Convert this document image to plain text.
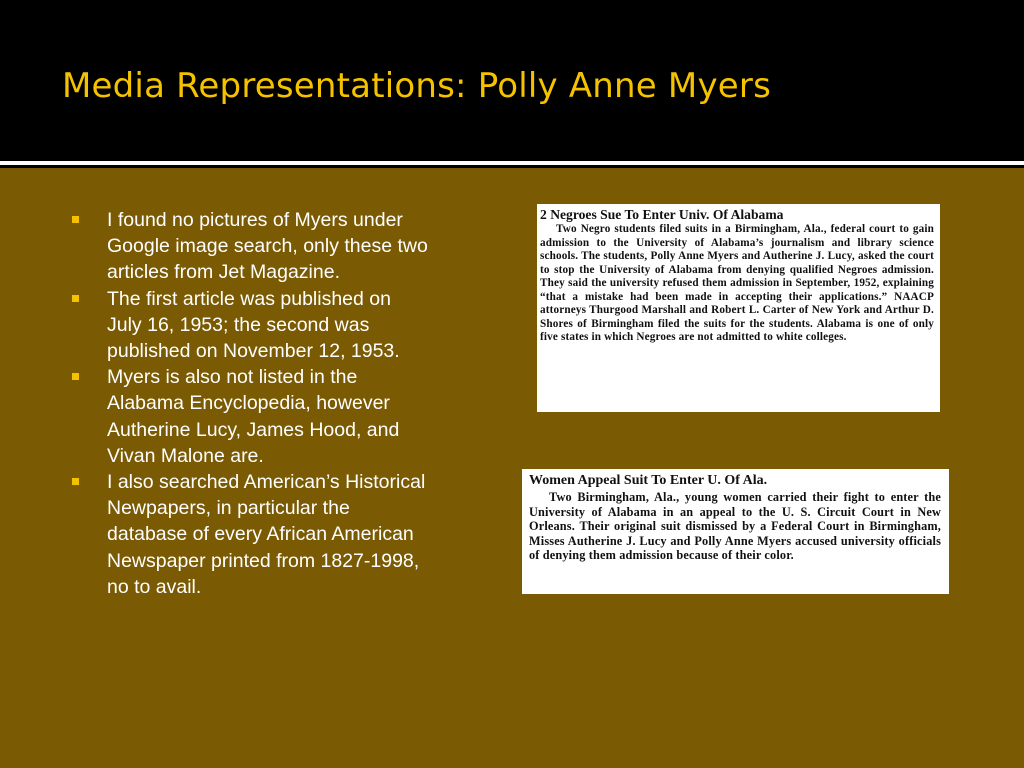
Media Representations: Polly Anne Myers
I found no pictures of Myers under Google image search, only these two articles from Jet Magazine.
The first article was published on July 16, 1953; the second was published on November 12, 1953.
Myers is also not listed in the Alabama Encyclopedia, however Autherine Lucy, James Hood, and Vivan Malone are.
I also searched American’s Historical Newpapers, in particular the database of every African American Newspaper printed from 1827-1998, no to avail.
2 Negroes Sue To Enter Univ. Of Alabama
Two Negro students filed suits in a Birmingham, Ala., federal court to gain admission to the University of Alabama’s journalism and library science schools. The students, Polly Anne Myers and Autherine J. Lucy, asked the court to stop the University of Alabama from denying qualified Negroes admission. They said the university refused them admission in September, 1952, explaining “that a mistake had been made in accepting their applications.” NAACP attorneys Thurgood Marshall and Robert L. Carter of New York and Arthur D. Shores of Birmingham filed the suits for the students. Alabama is one of only five states in which Negroes are not admitted to white colleges.
Women Appeal Suit To Enter U. Of Ala.
Two Birmingham, Ala., young women carried their fight to enter the University of Alabama in an appeal to the U. S. Circuit Court in New Orleans. Their original suit dismissed by a Federal Court in Birmingham, Misses Autherine J. Lucy and Polly Anne Myers accused university officials of denying them admission because of their color.
